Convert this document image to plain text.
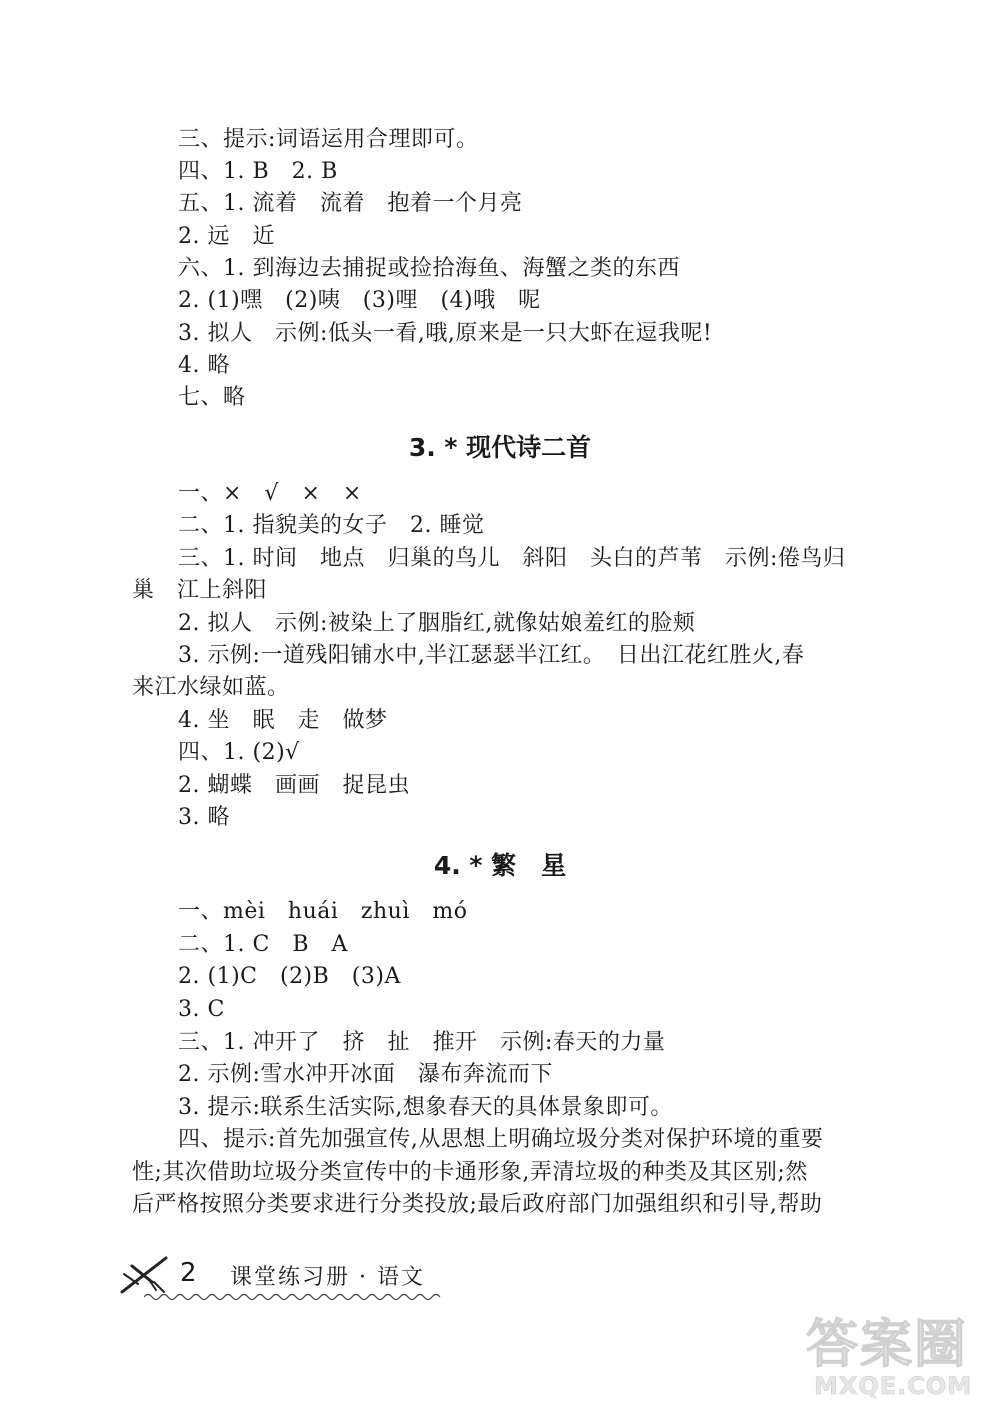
三、提示:词语运用合理即可。
四、1. B　2. B
五、1. 流着　流着　抱着一个月亮
2. 远　近
六、1. 到海边去捕捉或捡拾海鱼、海蟹之类的东西
2. (1)嘿　(2)咦　(3)哩　(4)哦　呢
3. 拟人　示例:低头一看,哦,原来是一只大虾在逗我呢!
4. 略
七、略
3. * 现代诗二首
一、×　√　×　×
二、1. 指貌美的女子　2. 睡觉
三、1. 时间　地点　归巢的鸟儿　斜阳　头白的芦苇　示例:倦鸟归
巢　江上斜阳
2. 拟人　示例:被染上了胭脂红,就像姑娘羞红的脸颊
3. 示例:一道残阳铺水中,半江瑟瑟半江红。　日出江花红胜火,春
来江水绿如蓝。
4. 坐　眠　走　做梦
四、1. (2)√
2. 蝴蝶　画画　捉昆虫
3. 略
4. * 繁　星
一、mèi　huái　zhuì　mó
二、1. C　B　A
2. (1)C　(2)B　(3)A
3. C
三、1. 冲开了　挤　扯　推开　示例:春天的力量
2. 示例:雪水冲开冰面　瀑布奔流而下
3. 提示:联系生活实际,想象春天的具体景象即可。
四、提示:首先加强宣传,从思想上明确垃圾分类对保护环境的重要
性;其次借助垃圾分类宣传中的卡通形象,弄清垃圾的种类及其区别;然
后严格按照分类要求进行分类投放;最后政府部门加强组织和引导,帮助
2 课堂练习册 · 语文
答案圈
MXQE.COM
